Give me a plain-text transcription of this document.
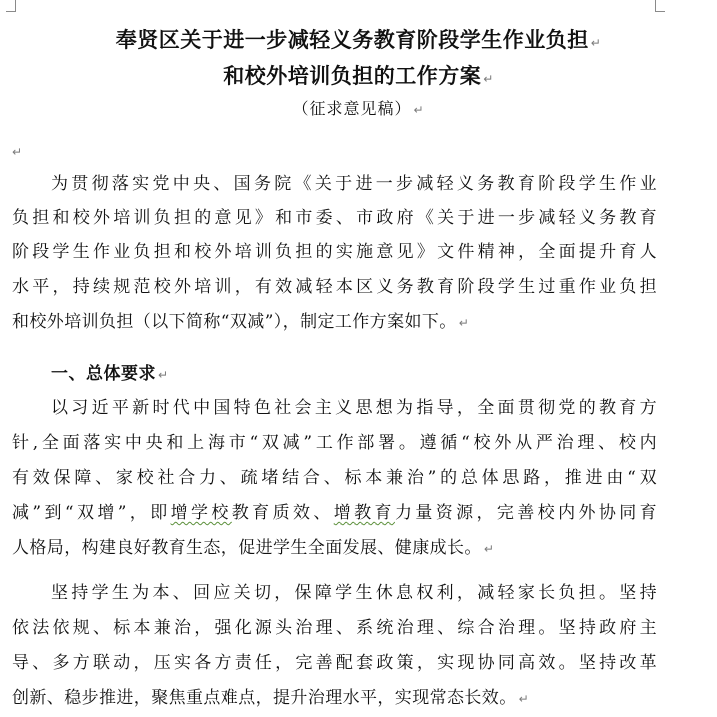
奉贤区关于进一步减轻义务教育阶段学生作业负担 ↵
和校外培训负担的工作方案 ↵
（征求意见稿） ↵
↵
为贯彻落实党中央、国务院《关于进一步减轻义务教育阶段学生作业
负担和校外培训负担的意见》和市委、市政府《关于进一步减轻义务教育
阶段学生作业负担和校外培训负担的实施意见》文件精神，全面提升育人
水平，持续规范校外培训，有效减轻本区义务教育阶段学生过重作业负担
和校外培训负担（以下简称“双减”），制定工作方案如下。 ↵
一、总体要求 ↵
以习近平新时代中国特色社会主义思想为指导，全面贯彻党的教育方
针,全面落实中央和上海市“双减”工作部署。遵循“校外从严治理、校内
有效保障、家校社合力、疏堵结合、标本兼治”的总体思路，推进由“双
减”到“双增”，即增学校教育质效、增教育力量资源，完善校内外协同育
人格局，构建良好教育生态，促进学生全面发展、健康成长。 ↵
坚持学生为本、回应关切，保障学生休息权利，减轻家长负担。坚持
依法依规、标本兼治，强化源头治理、系统治理、综合治理。坚持政府主
导、多方联动，压实各方责任，完善配套政策，实现协同高效。坚持改革
创新、稳步推进，聚焦重点难点，提升治理水平，实现常态长效。 ↵
